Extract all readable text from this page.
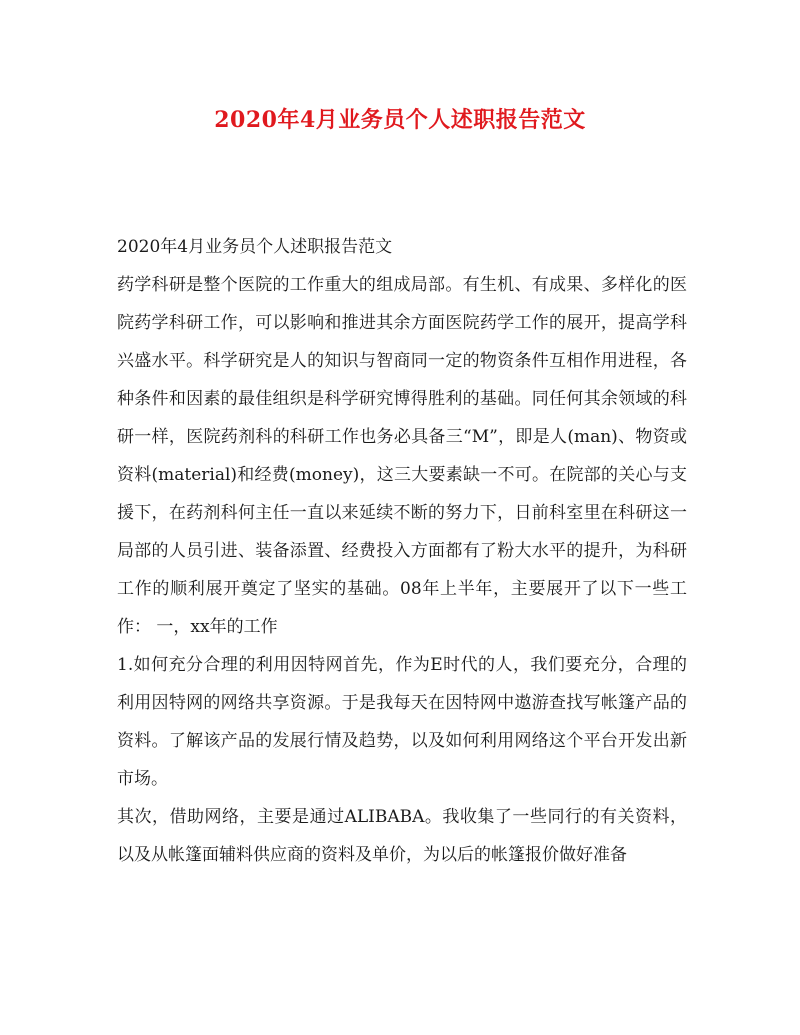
2020年4月业务员个人述职报告范文

2020年4月业务员个人述职报告范文

药学科研是整个医院的工作重大的组成局部。有生机、有成果、多样化的医院药学科研工作，可以影响和推进其余方面医院药学工作的展开，提高学科兴盛水平。科学研究是人的知识与智商同一定的物资条件互相作用进程，各种条件和因素的最佳组织是科学研究博得胜利的基础。同任何其余领域的科研一样，医院药剂科的科研工作也务必具备三“M”，即是人(man)、物资或资料(material)和经费(money)，这三大要素缺一不可。在院部的关心与支援下，在药剂科何主任一直以来延续不断的努力下，日前科室里在科研这一局部的人员引进、装备添置、经费投入方面都有了粉大水平的提升，为科研工作的顺利展开奠定了坚实的基础。08年上半年，主要展开了以下一些工作： 一，xx年的工作

1.如何充分合理的利用因特网首先，作为E时代的人，我们要充分，合理的利用因特网的网络共享资源。于是我每天在因特网中遨游查找写帐篷产品的资料。了解该产品的发展行情及趋势，以及如何利用网络这个平台开发出新市场。

其次，借助网络，主要是通过ALIBABA。我收集了一些同行的有关资料，以及从帐篷面辅料供应商的资料及单价，为以后的帐篷报价做好准备
